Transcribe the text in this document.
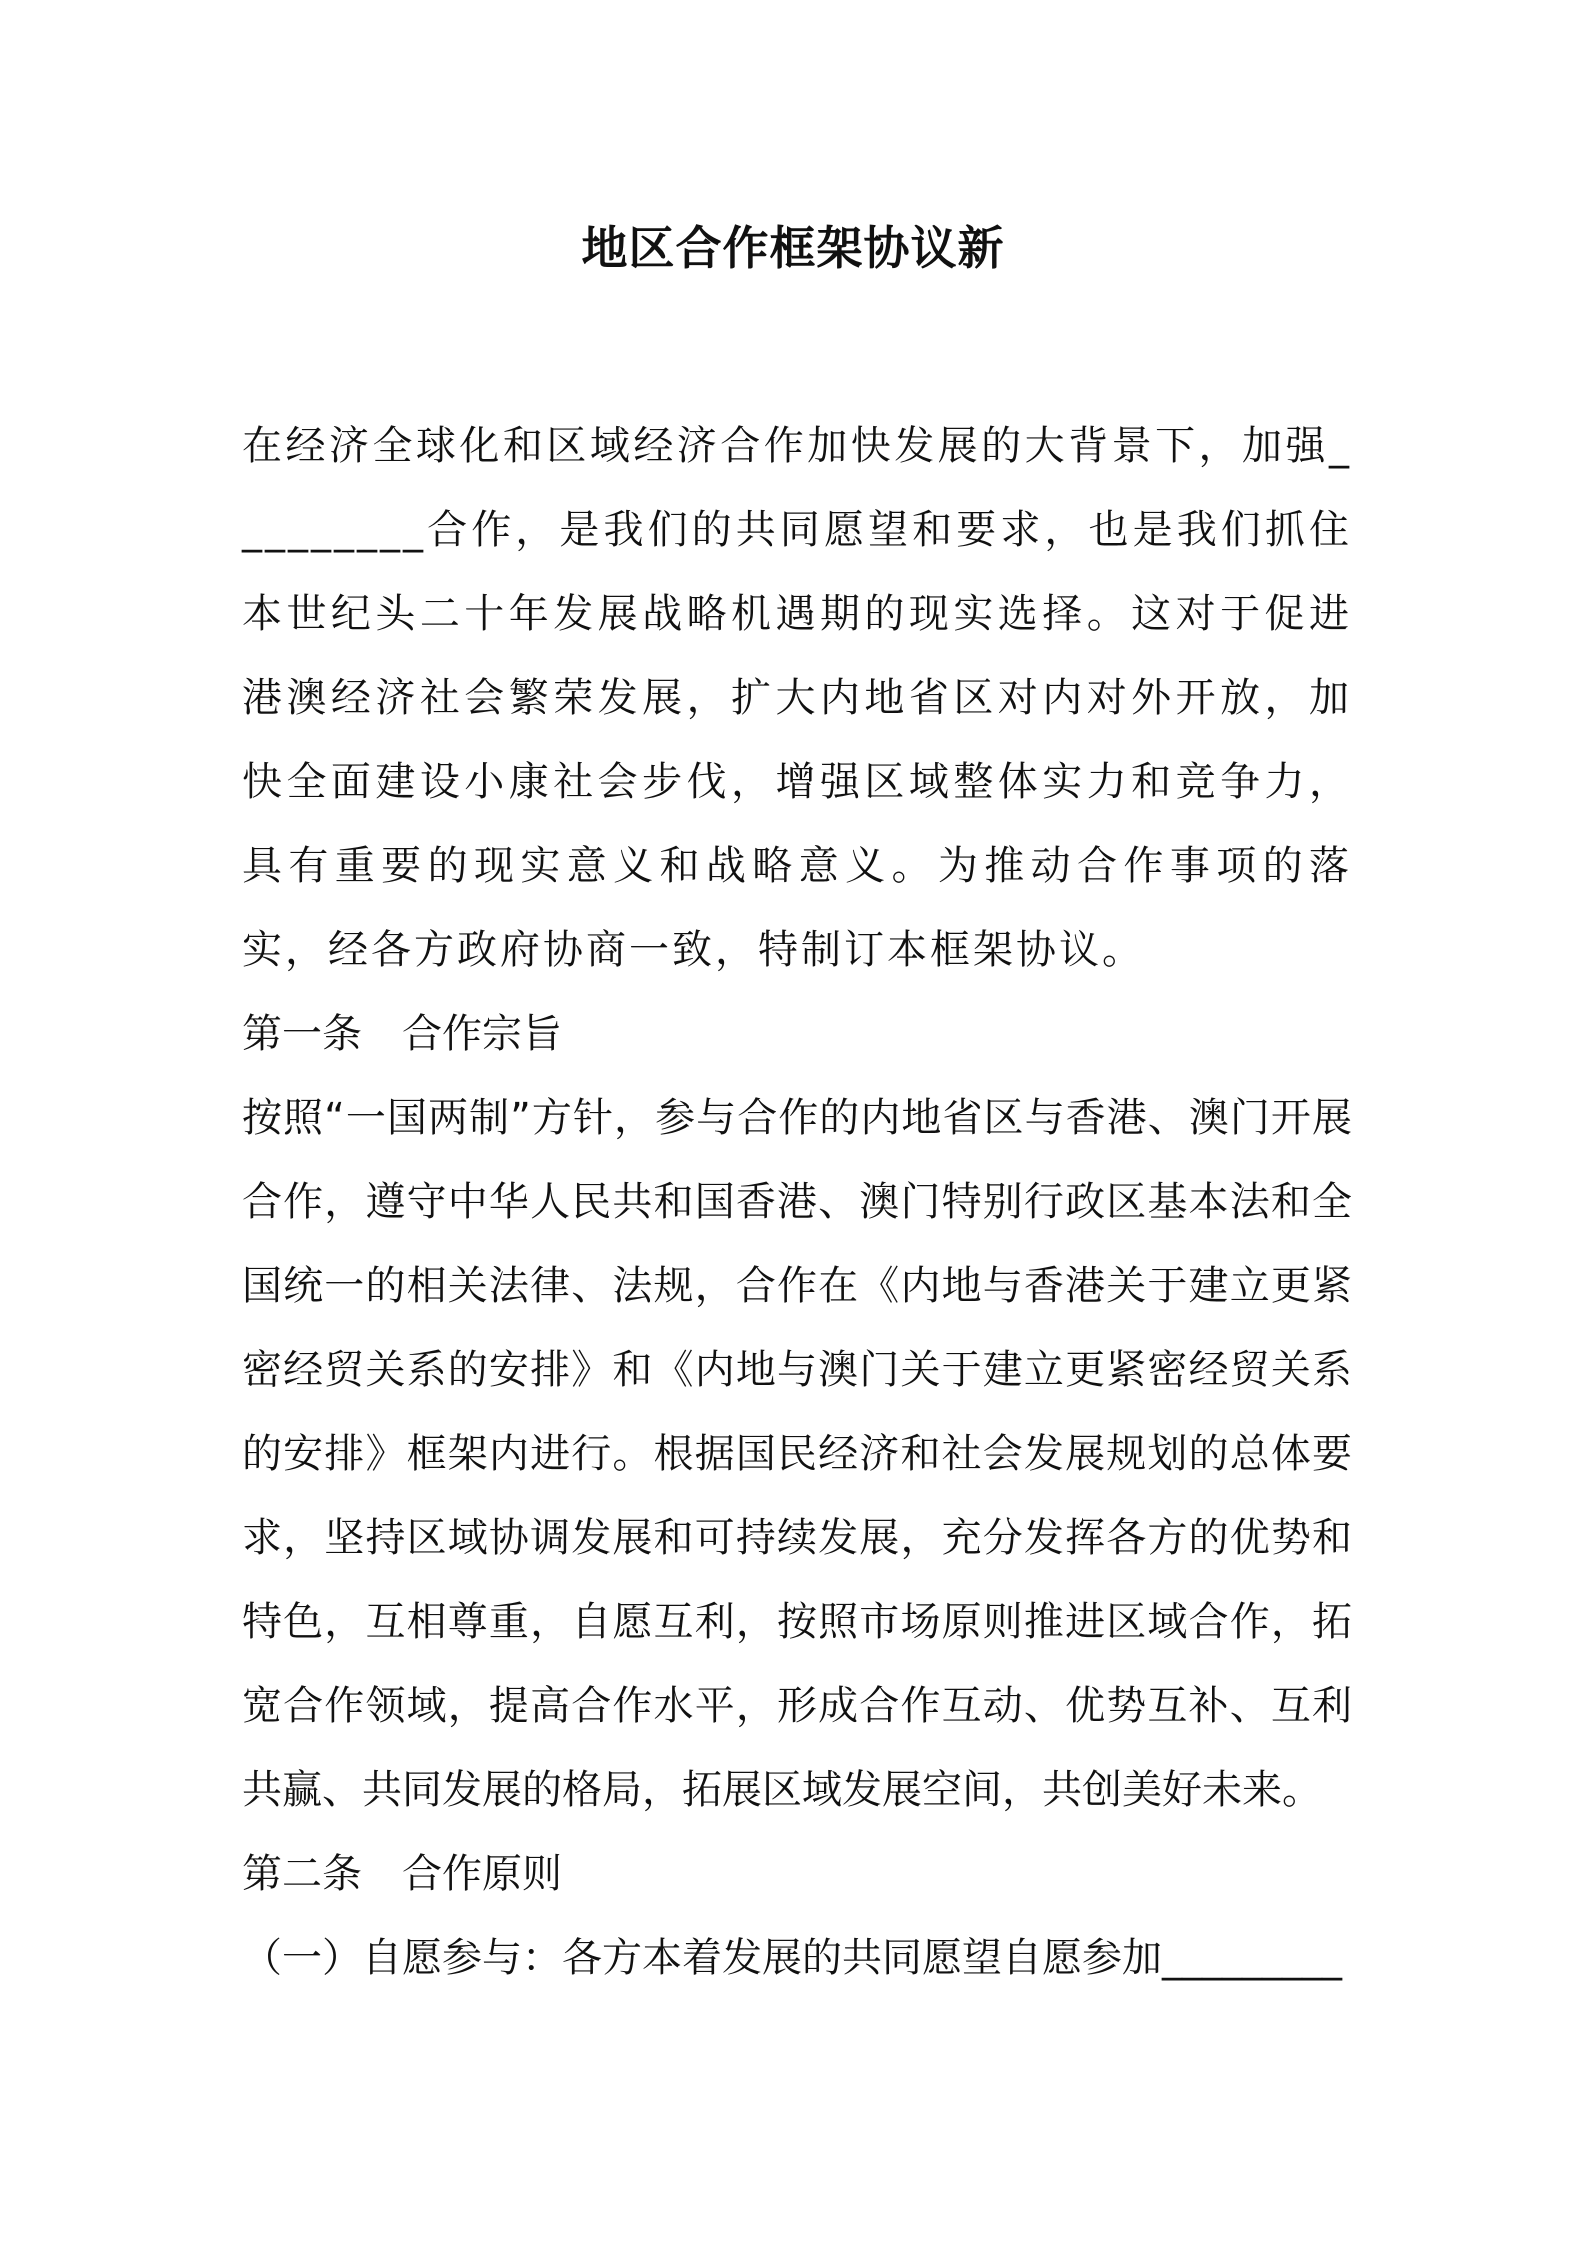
地区合作框架协议新

在经济全球化和区域经济合作加快发展的大背景下，加强_________合作，是我们的共同愿望和要求，也是我们抓住本世纪头二十年发展战略机遇期的现实选择。这对于促进港澳经济社会繁荣发展，扩大内地省区对内对外开放，加快全面建设小康社会步伐，增强区域整体实力和竞争力，具有重要的现实意义和战略意义。为推动合作事项的落实，经各方政府协商一致，特制订本框架协议。

第一条　合作宗旨

按照“一国两制”方针，参与合作的内地省区与香港、澳门开展合作，遵守中华人民共和国香港、澳门特别行政区基本法和全国统一的相关法律、法规，合作在《内地与香港关于建立更紧密经贸关系的安排》和《内地与澳门关于建立更紧密经贸关系的安排》框架内进行。根据国民经济和社会发展规划的总体要求，坚持区域协调发展和可持续发展，充分发挥各方的优势和特色，互相尊重，自愿互利，按照市场原则推进区域合作，拓宽合作领域，提高合作水平，形成合作互动、优势互补、互利共赢、共同发展的格局，拓展区域发展空间，共创美好未来。

第二条　合作原则

（一）自愿参与：各方本着发展的共同愿望自愿参加_________
